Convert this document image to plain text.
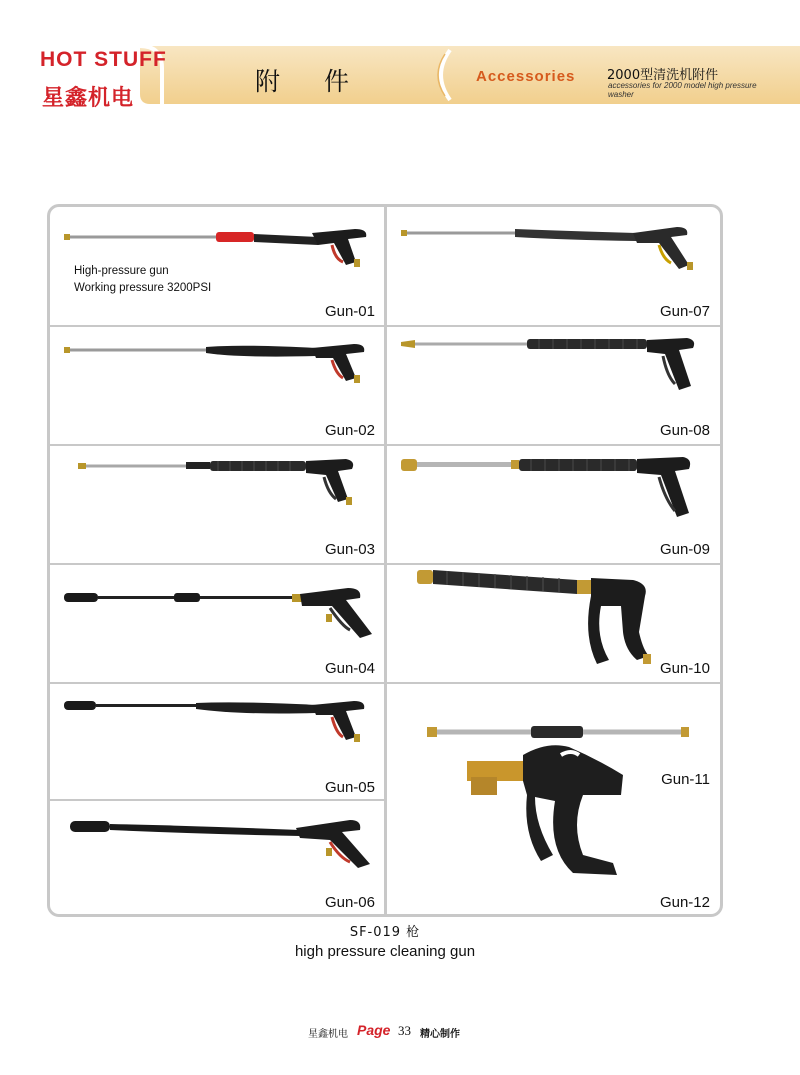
HOT STUFF
星鑫机电
附件	Accessories 2000型清洗机附件
accessories for 2000 model high pressure washer
High-pressure gun
Working pressure 3200PSI
Gun-01
Gun-02
Gun-03
Gun-04
Gun-05
Gun-06
Gun-07
Gun-08
Gun-09
Gun-10
Gun-11
Gun-12
SF-019 枪
high pressure cleaning gun
星鑫机电 Page 33 精心制作
